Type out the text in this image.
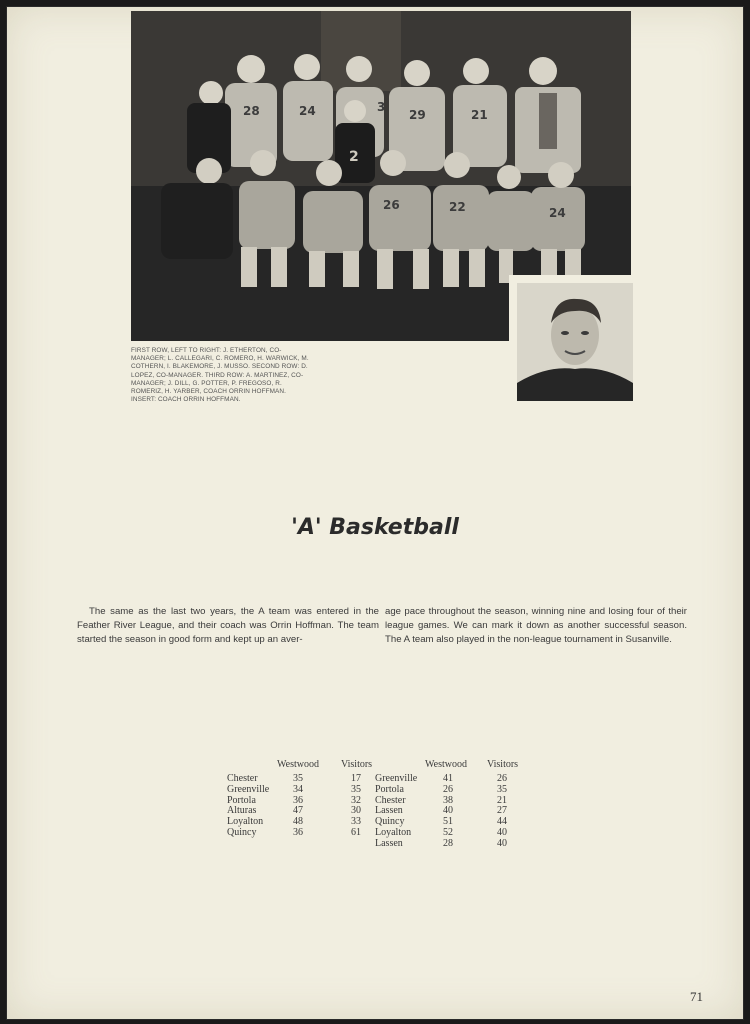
28	24	3
29	21
26	22	24
2
FIRST ROW, LEFT TO RIGHT: J. ETHERTON, CO-MANAGER; L. CALLEGARI, C. ROMERO, H. WARWICK, M. COTHERN, I. BLAKEMORE, J. MUSSO. SECOND ROW: D. LOPEZ, CO-MANAGER. THIRD ROW: A. MARTINEZ, CO-MANAGER; J. DILL, G. POTTER, P. FREGOSO, R. ROMERIZ, H. YARBER, COACH ORRIN HOFFMAN. INSERT: COACH ORRIN HOFFMAN.
'A' Basketball
The same as the last two years, the A team was entered in the Feather River League, and their coach was Orrin Hoffman. The team started the season in good form and kept up an aver-
age pace throughout the season, winning nine and losing four of their league games. We can mark it down as another successful season. The A team also played in the non-league tournament in Susanville.
Westwood Visitors	Westwood Visitors
Chester	35	17
Greenville 34	35
Portola	36	32
Alturas	47	30
Loyalton	48	33
Quincy	36	61
Greenville	41	26
Portola	26	35
Chester	38	21
Lassen	40	27
Quincy	51	44
Loyalton	52	40
Lassen	28	40
71
